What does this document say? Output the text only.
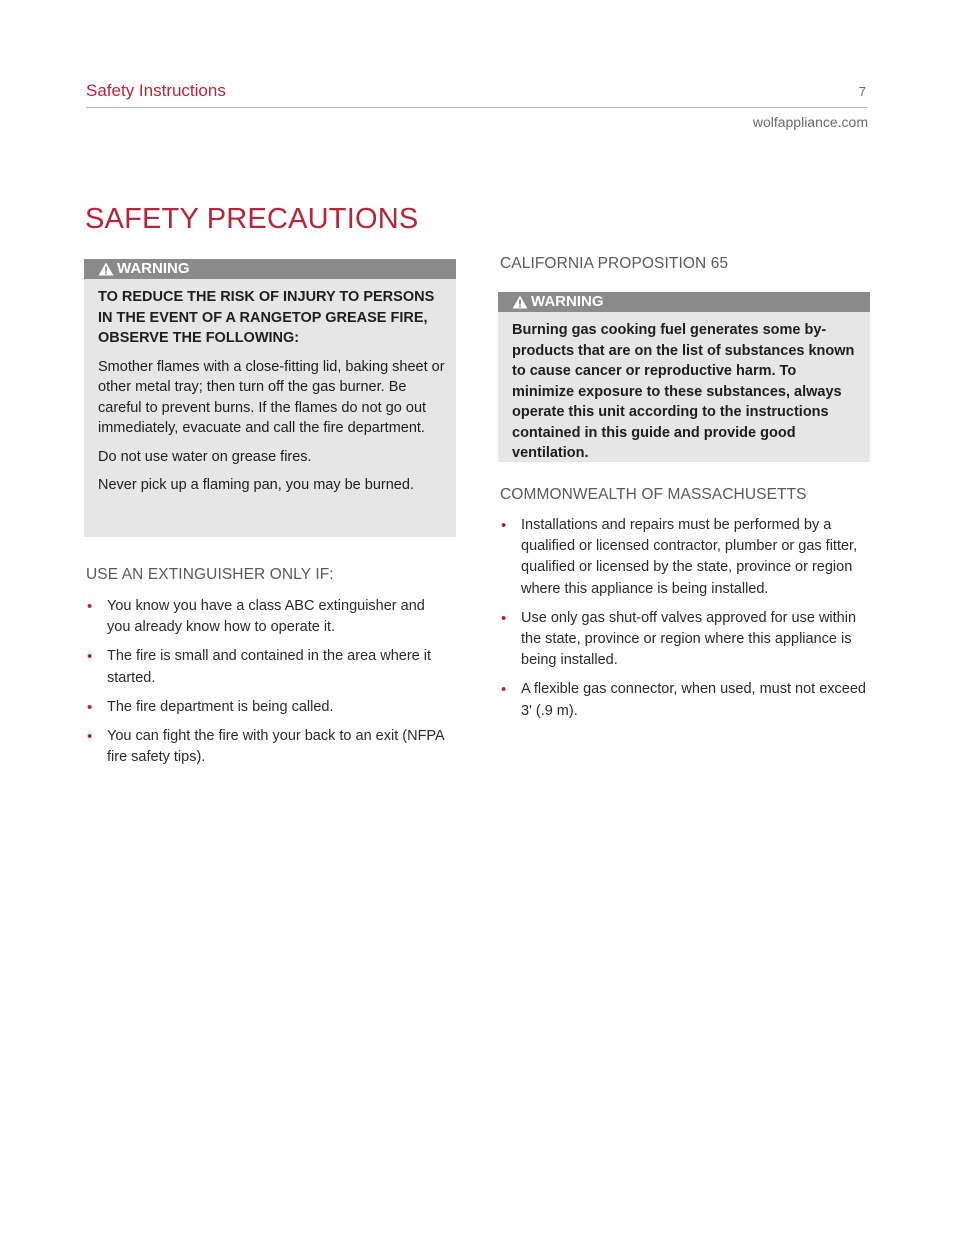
Safety Instructions	7
wolfappliance.com
SAFETY PRECAUTIONS
WARNING

TO REDUCE THE RISK OF INJURY TO PERSONS IN THE EVENT OF A RANGETOP GREASE FIRE, OBSERVE THE FOLLOWING:

Smother flames with a close-fitting lid, baking sheet or other metal tray; then turn off the gas burner. Be careful to prevent burns. If the flames do not go out immediately, evacuate and call the fire department.

Do not use water on grease fires.

Never pick up a flaming pan, you may be burned.

USE AN EXTINGUISHER ONLY IF:
• You know you have a class ABC extinguisher and you already know how to operate it.
• The fire is small and contained in the area where it started.
• The fire department is being called.
• You can fight the fire with your back to an exit (NFPA fire safety tips).
CALIFORNIA PROPOSITION 65
WARNING

Burning gas cooking fuel generates some by-products that are on the list of substances known to cause cancer or reproductive harm. To minimize exposure to these substances, always operate this unit according to the instructions contained in this guide and provide good ventilation.

COMMONWEALTH OF MASSACHUSETTS
• Installations and repairs must be performed by a qualified or licensed contractor, plumber or gas fitter, qualified or licensed by the state, province or region where this appliance is being installed.
• Use only gas shut-off valves approved for use within the state, province or region where this appliance is being installed.
• A flexible gas connector, when used, must not exceed 3' (.9 m).
